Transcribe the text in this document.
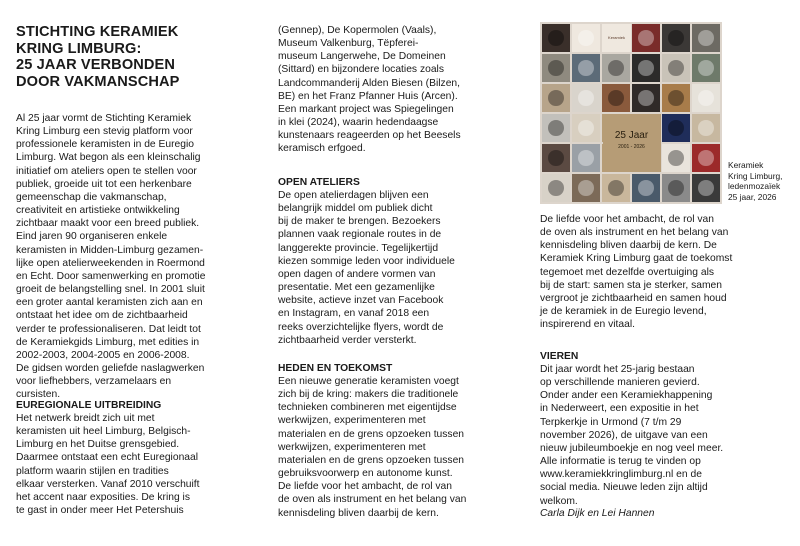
STICHTING KERAMIEK
KRING LIMBURG:
25 JAAR VERBONDEN
DOOR VAKMANSCHAP

Al 25 jaar vormt de Stichting Keramiek
Kring Limburg een stevig platform voor
professionele keramisten in de Euregio
Limburg. Wat begon als een kleinschalig
initiatief om ateliers open te stellen voor
publiek, groeide uit tot een herkenbare
gemeenschap die vakmanschap,
creativiteit en artistieke ontwikkeling
zichtbaar maakt voor een breed publiek.
Eind jaren 90 organiseren enkele
keramisten in Midden-Limburg gezamen-
lijke open atelierweekenden in Roermond
en Echt. Door samenwerking en promotie
groeit de belangstelling snel. In 2001 sluit
een groter aantal keramisten zich aan en
ontstaat het idee om de zichtbaarheid
verder te professionaliseren. Dat leidt tot
de Keramiekgids Limburg, met edities in
2002-2003, 2004-2005 en 2006-2008.
De gidsen worden geliefde naslagwerken
voor liefhebbers, verzamelaars en
cursisten.

EUREGIONALE UITBREIDING

Het netwerk breidt zich uit met
keramisten uit heel Limburg, Belgisch-
Limburg en het Duitse grensgebied.
Daarmee ontstaat een echt Euregionaal
platform waarin stijlen en tradities
elkaar versterken. Vanaf 2010 verschuift
het accent naar exposities. De kring is
te gast in onder meer Het Petershuis

(Gennep), De Kopermolen (Vaals),
Museum Valkenburg, Tëpferei-
museum Langerwehe, De Domeinen
(Sittard) en bijzondere locaties zoals
Landcommanderij Alden Biesen (Bilzen,
BE) en het Franz Pfanner Huis (Arcen).
Een markant project was Spiegelingen
in klei (2024), waarin hedendaagse
kunstenaars reageerden op het Beesels
keramisch erfgoed.

OPEN ATELIERS

De open atelierdagen blijven een
belangrijk middel om publiek dicht
bij de maker te brengen. Bezoekers
plannen vaak regionale routes in de
langgerekte provincie. Tegelijkertijd
kiezen sommige leden voor individuele
open dagen of andere vormen van
presentatie. Met een gezamenlijke
website, actieve inzet van Facebook
en Instagram, en vanaf 2018 een
reeks overzichtelijke flyers, wordt de
zichtbaarheid verder versterkt.

HEDEN EN TOEKOMST

Een nieuwe generatie keramisten voegt
zich bij de kring: makers die traditionele
technieken combineren met eigentijdse
werkwijzen, experimenteren met
materialen en de grens opzoeken tussen
werkwijzen, experimenteren met
materialen en de grens opzoeken tussen
gebruiksvoorwerp en autonome kunst.
De liefde voor het ambacht, de rol van
de oven als instrument en het belang van
kennisdeling bliven daarbij de kern.

Keramiek
25 Jaar
2001 - 2026

Keramiek
Kring Limburg,
ledenmozaïek
25 jaar, 2026

De liefde voor het ambacht, de rol van
de oven als instrument en het belang van
kennisdeling bliven daarbij de kern. De
Keramiek Kring Limburg gaat de toekomst
tegemoet met dezelfde overtuiging als
bij de start: samen sta je sterker, samen
vergroot je zichtbaarheid en samen houd
je de keramiek in de Euregio levend,
inspirerend en vitaal.

VIEREN

Dit jaar wordt het 25-jarig bestaan
op verschillende manieren gevierd.
Onder ander een Keramiekhappening
in Nederweert, een expositie in het
Terpkerkje in Urmond (7 t/m 29
november 2026), de uitgave van een
nieuw jubileumboekje en nog veel meer.
Alle informatie is terug te vinden op
www.keramiekkringlimburg.nl en de
social media. Nieuwe leden zijn altijd
welkom.

Carla Dijk en Lei Hannen
